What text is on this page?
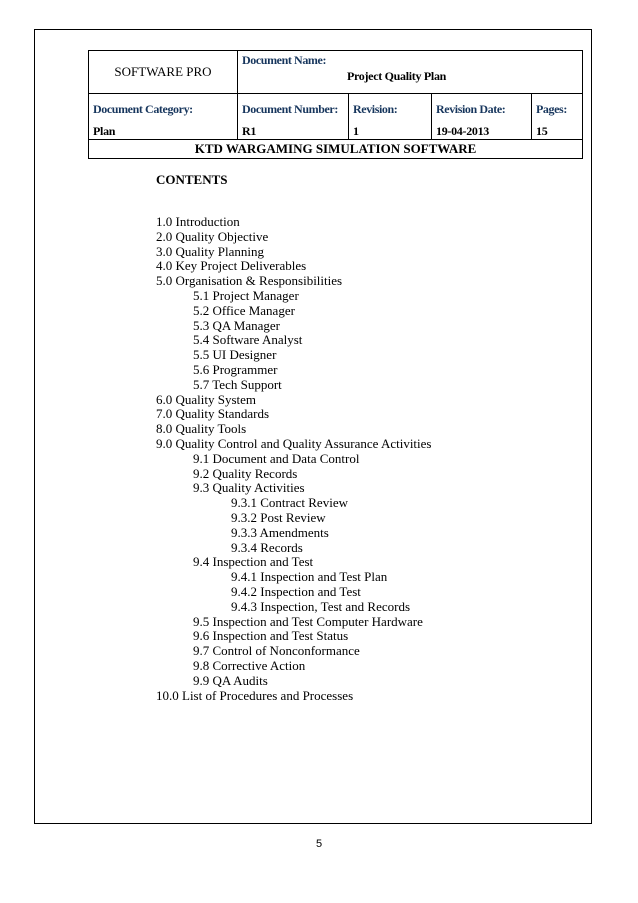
SOFTWARE PRO	Document Name:
Project Quality Plan			

Document Category:	Document Number:	Revision:	Revision Date:	Pages:

Plan	R1	1	19-04-2013	15

KTD WARGAMING SIMULATION SOFTWARE				
CONTENTS
1.0 Introduction
2.0 Quality Objective
3.0 Quality Planning
4.0 Key Project Deliverables
5.0 Organisation & Responsibilities
5.1 Project Manager
5.2 Office Manager
5.3 QA Manager
5.4 Software Analyst
5.5 UI Designer
5.6 Programmer
5.7 Tech Support
6.0 Quality System
7.0 Quality Standards
8.0 Quality Tools
9.0 Quality Control and Quality Assurance Activities
9.1 Document and Data Control
9.2 Quality Records
9.3 Quality Activities
9.3.1 Contract Review
9.3.2 Post Review
9.3.3 Amendments
9.3.4 Records
9.4 Inspection and Test
9.4.1 Inspection and Test Plan
9.4.2 Inspection and Test
9.4.3 Inspection, Test and Records
9.5 Inspection and Test Computer Hardware
9.6 Inspection and Test Status
9.7 Control of Nonconformance
9.8 Corrective Action
9.9 QA Audits
10.0 List of Procedures and Processes
5
